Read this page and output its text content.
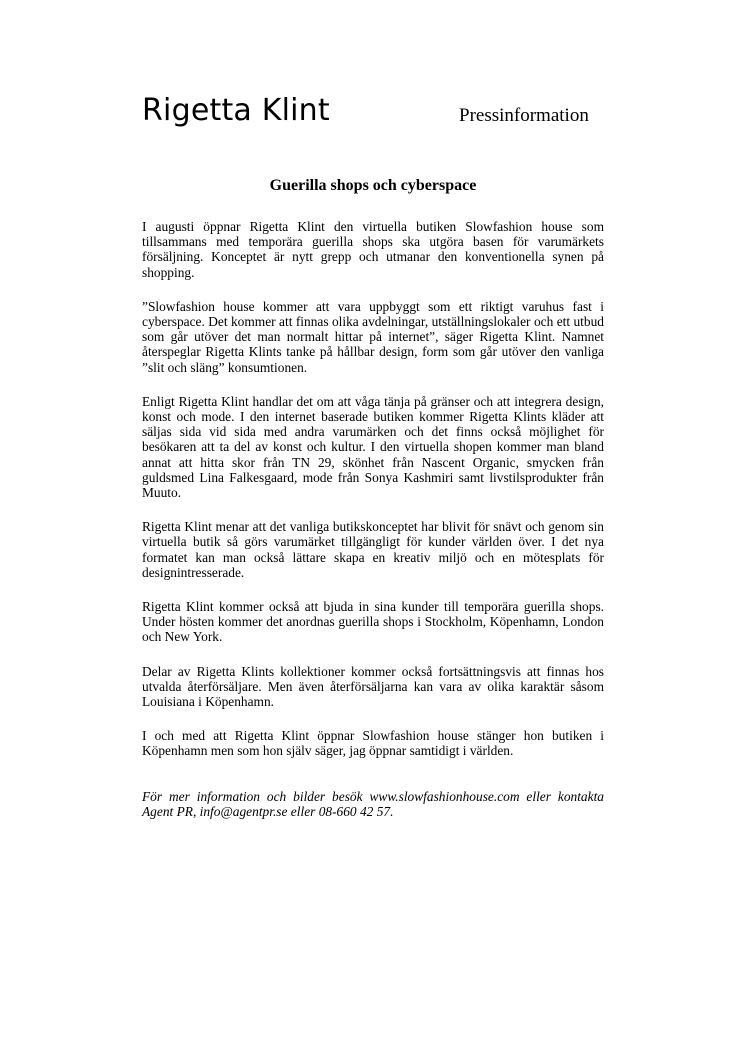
Rigetta Klint	Pressinformation
Guerilla shops och cyberspace

I augusti öppnar Rigetta Klint den virtuella butiken Slowfashion house som tillsammans med temporära guerilla shops ska utgöra basen för varumärkets försäljning. Konceptet är nytt grepp och utmanar den konventionella synen på shopping.

”Slowfashion house kommer att vara uppbyggt som ett riktigt varuhus fast i cyberspace. Det kommer att finnas olika avdelningar, utställningslokaler och ett utbud som går utöver det man normalt hittar på internet”, säger Rigetta Klint. Namnet återspeglar Rigetta Klints tanke på hållbar design, form som går utöver den vanliga ”slit och släng” konsumtionen.

Enligt Rigetta Klint handlar det om att våga tänja på gränser och att integrera design, konst och mode. I den internet baserade butiken kommer Rigetta Klints kläder att säljas sida vid sida med andra varumärken och det finns också möjlighet för besökaren att ta del av konst och kultur. I den virtuella shopen kommer man bland annat att hitta skor från TN 29, skönhet från Nascent Organic, smycken från guldsmed Lina Falkesgaard, mode från Sonya Kashmiri samt livstilsprodukter från Muuto.

Rigetta Klint menar att det vanliga butikskonceptet har blivit för snävt och genom sin virtuella butik så görs varumärket tillgängligt för kunder världen över. I det nya formatet kan man också lättare skapa en kreativ miljö och en mötesplats för designintresserade.

Rigetta Klint kommer också att bjuda in sina kunder till temporära guerilla shops. Under hösten kommer det anordnas guerilla shops i Stockholm, Köpenhamn, London och New York.

Delar av Rigetta Klints kollektioner kommer också fortsättningsvis att finnas hos utvalda återförsäljare. Men även återförsäljarna kan vara av olika karaktär såsom Louisiana i Köpenhamn.

I och med att Rigetta Klint öppnar Slowfashion house stänger hon butiken i Köpenhamn men som hon själv säger, jag öppnar samtidigt i världen.

För mer information och bilder besök www.slowfashionhouse.com eller kontakta Agent PR, info@agentpr.se eller 08-660 42 57.
